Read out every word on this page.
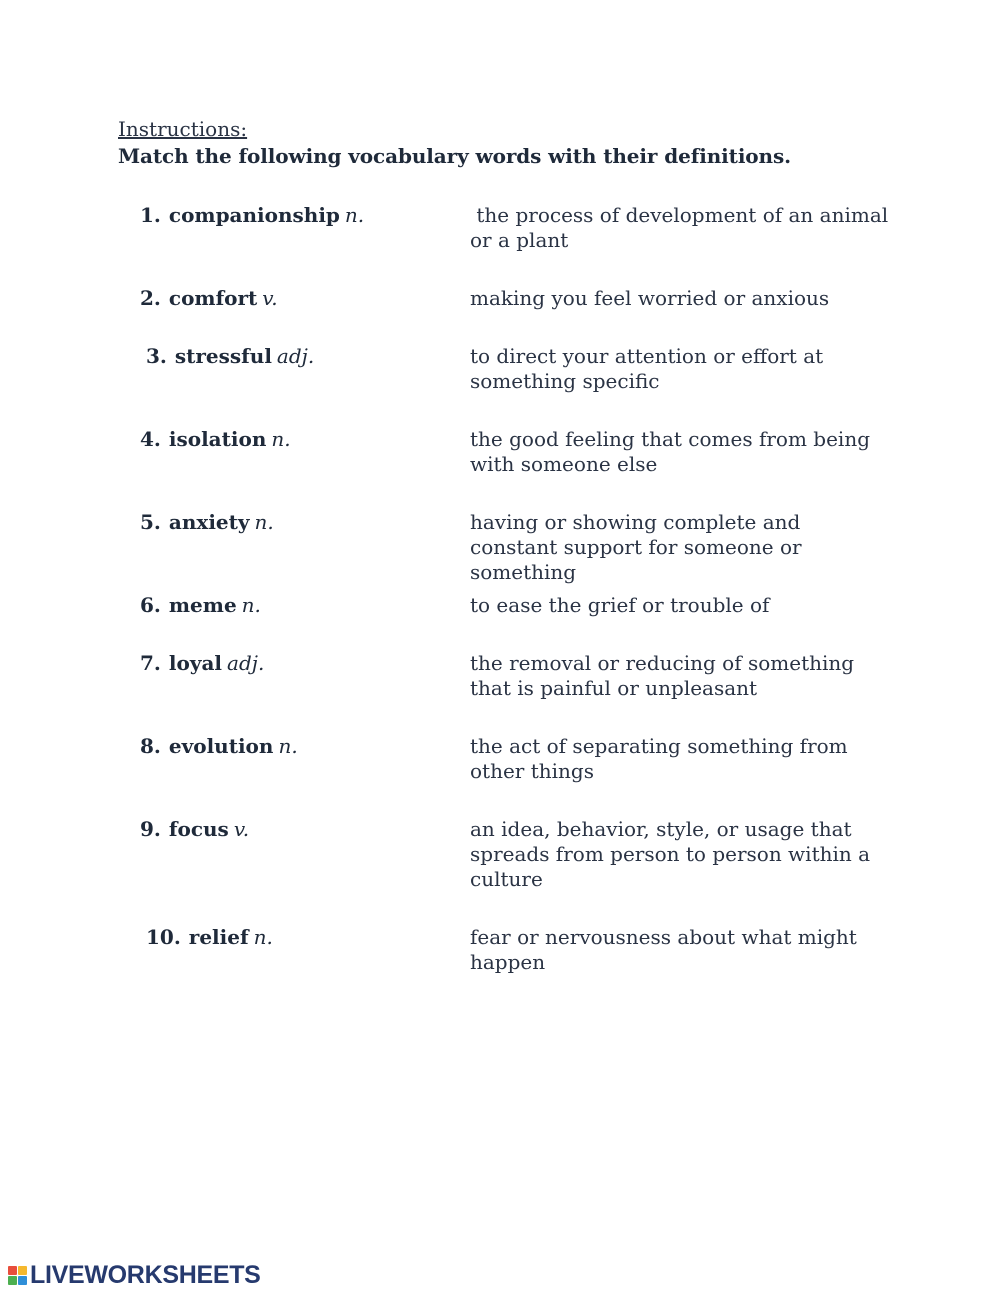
Instructions:
Match the following vocabulary words with their definitions.
1. companionship n.	the process of development of an animal or a plant
2. comfort v.	making you feel worried or anxious
3. stressful adj.	to direct your attention or effort at something specific
4. isolation n.	the good feeling that comes from being with someone else
5. anxiety n.	having or showing complete and constant support for someone or something
6. meme n.	to ease the grief or trouble of
7. loyal adj.	the removal or reducing of something that is painful or unpleasant
8. evolution n.	the act of separating something from other things
9. focus v.	an idea, behavior, style, or usage that spreads from person to person within a culture
10. relief n.	fear or nervousness about what might happen
LIVEWORKSHEETS
